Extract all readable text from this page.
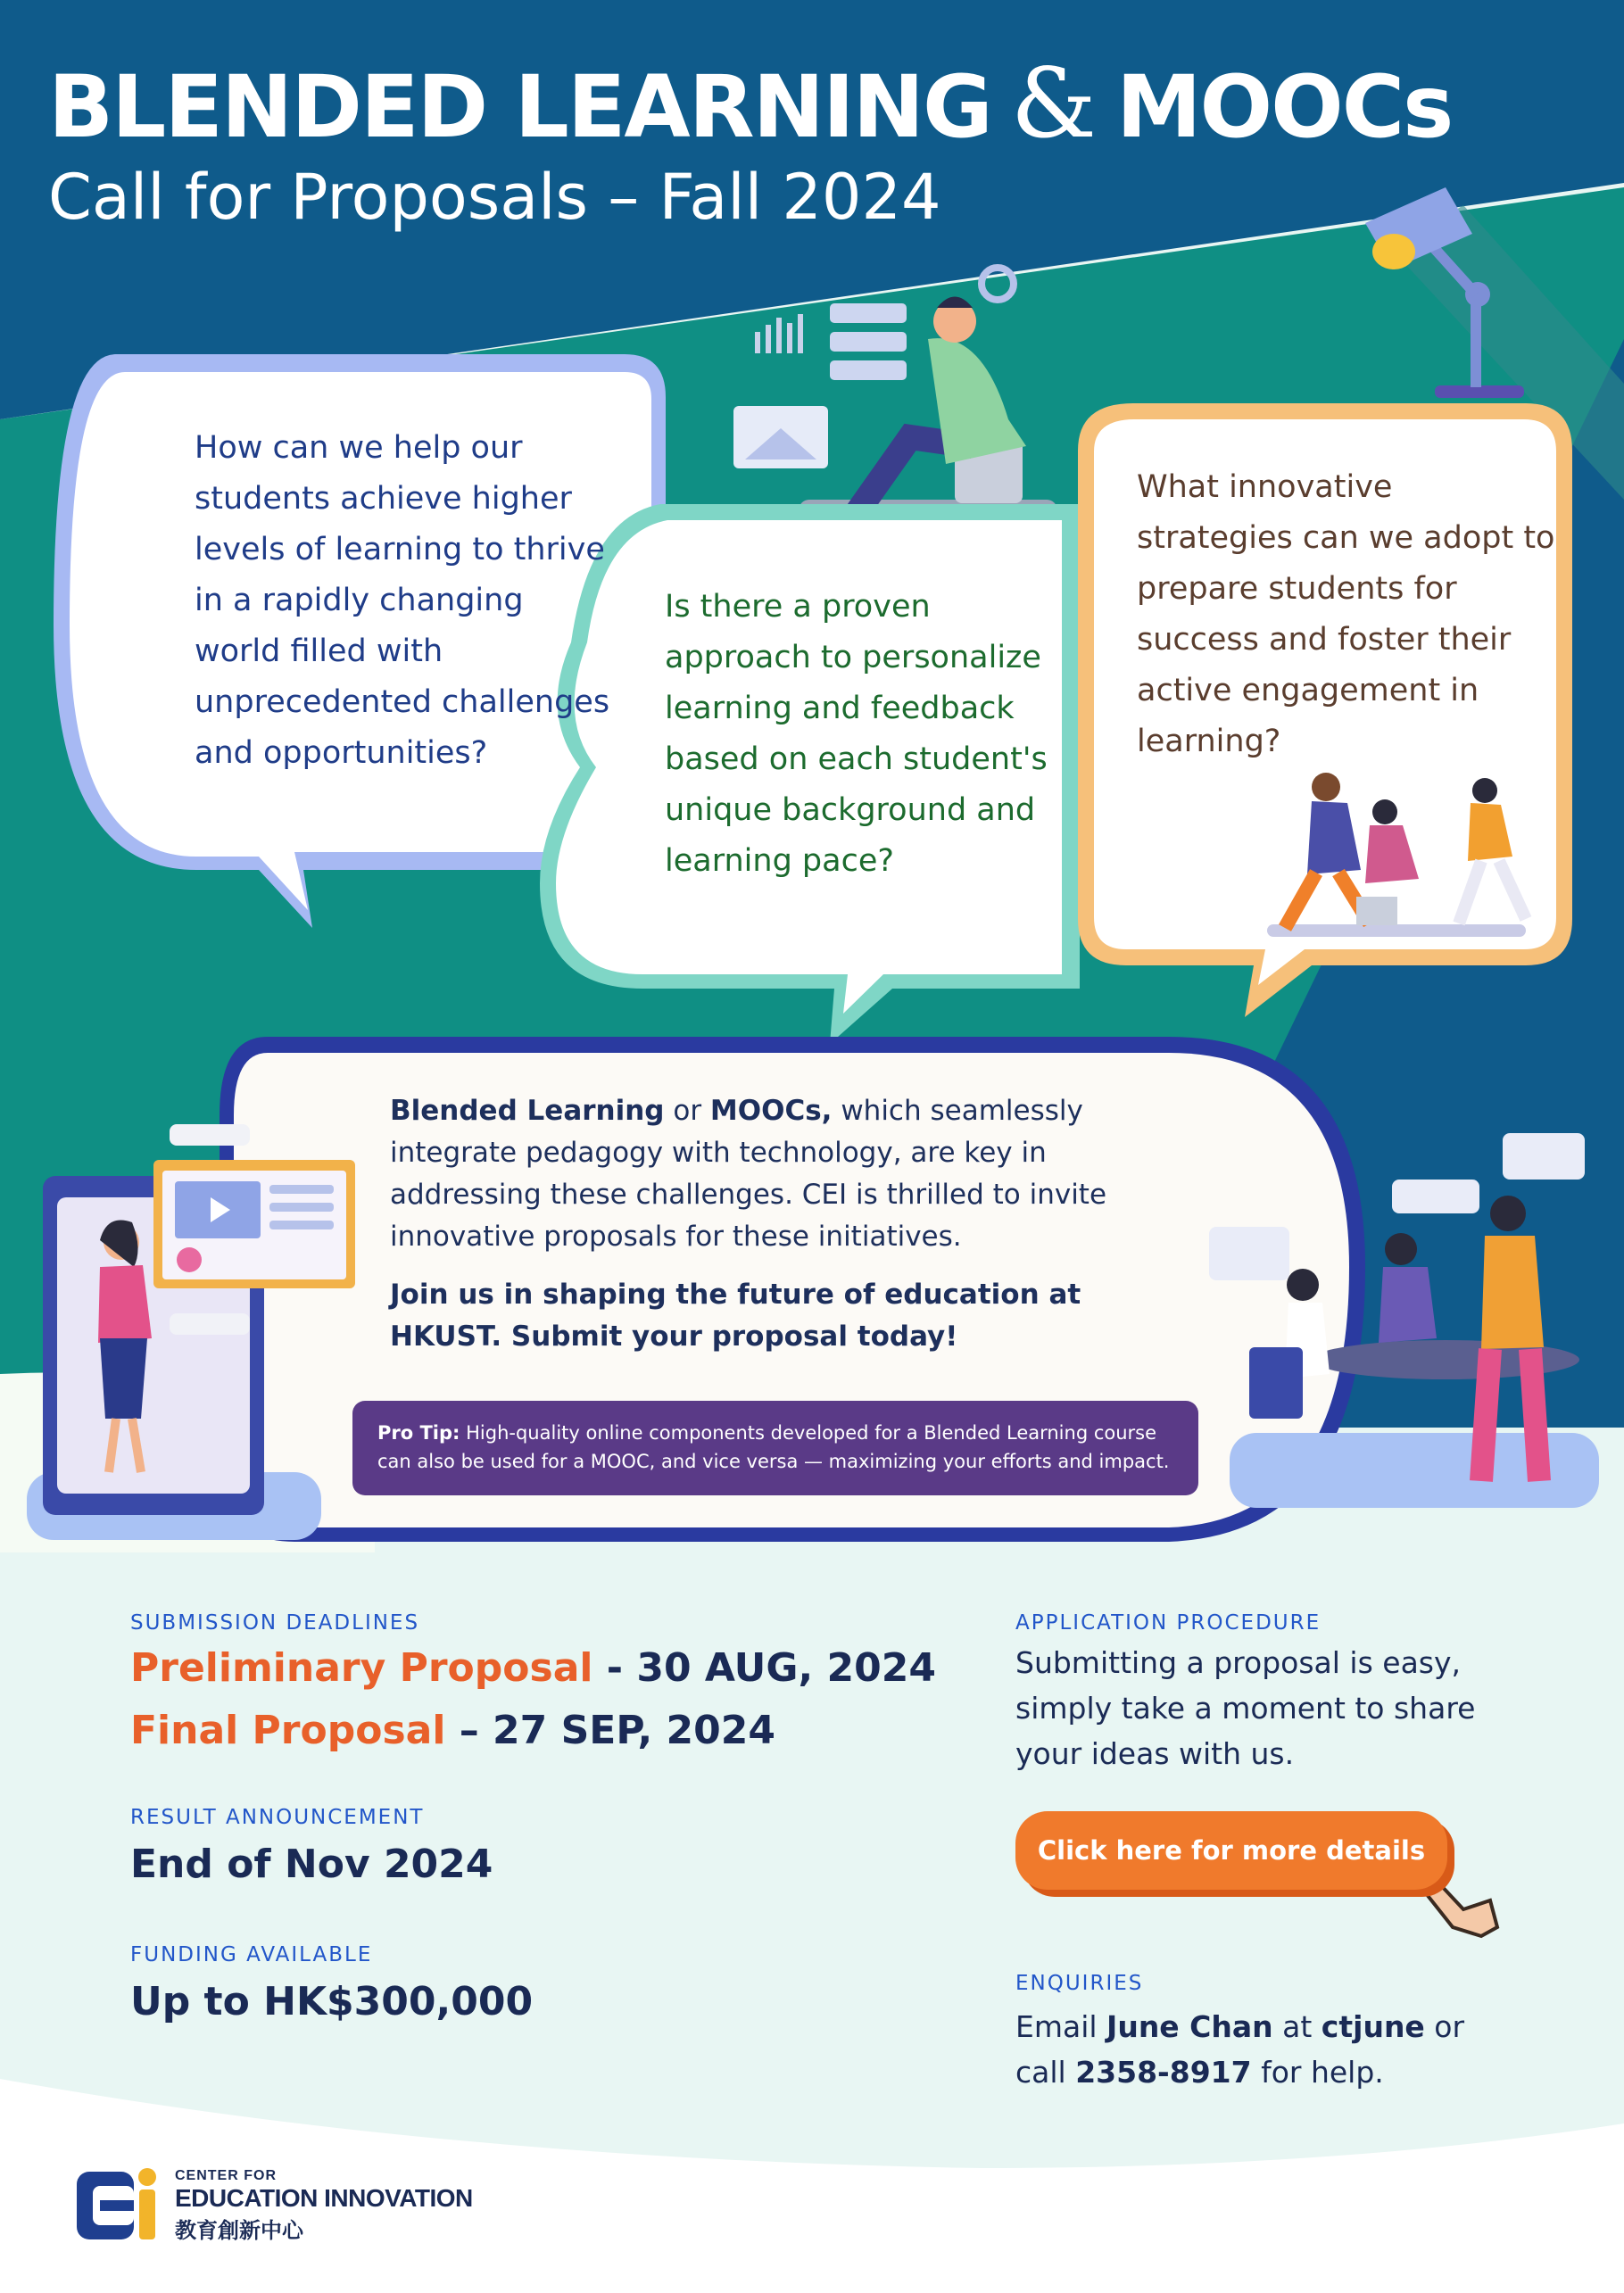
BLENDED LEARNING & MOOCs
Call for Proposals – Fall 2024
How can we help our students achieve higher levels of learning to thrive in a rapidly changing world filled with unprecedented challenges and opportunities?
Is there a proven approach to personalize learning and feedback based on each student's unique background and learning pace?
What innovative strategies can we adopt to prepare students for success and foster their active engagement in learning?
Blended Learning or MOOCs, which seamlessly integrate pedagogy with technology, are key in addressing these challenges. CEI is thrilled to invite innovative proposals for these initiatives.
Join us in shaping the future of education at HKUST. Submit your proposal today!
Pro Tip: High-quality online components developed for a Blended Learning course can also be used for a MOOC, and vice versa — maximizing your efforts and impact.
SUBMISSION DEADLINES
Preliminary Proposal - 30 AUG, 2024
Final Proposal – 27 SEP, 2024
RESULT ANNOUNCEMENT
End of Nov 2024
FUNDING AVAILABLE
Up to HK$300,000
APPLICATION PROCEDURE
Submitting a proposal is easy, simply take a moment to share your ideas with us.
Click here for more details
ENQUIRIES
Email June Chan at ctjune or call 2358-8917 for help.
CENTER FOR
EDUCATION INNOVATION
教育創新中心
